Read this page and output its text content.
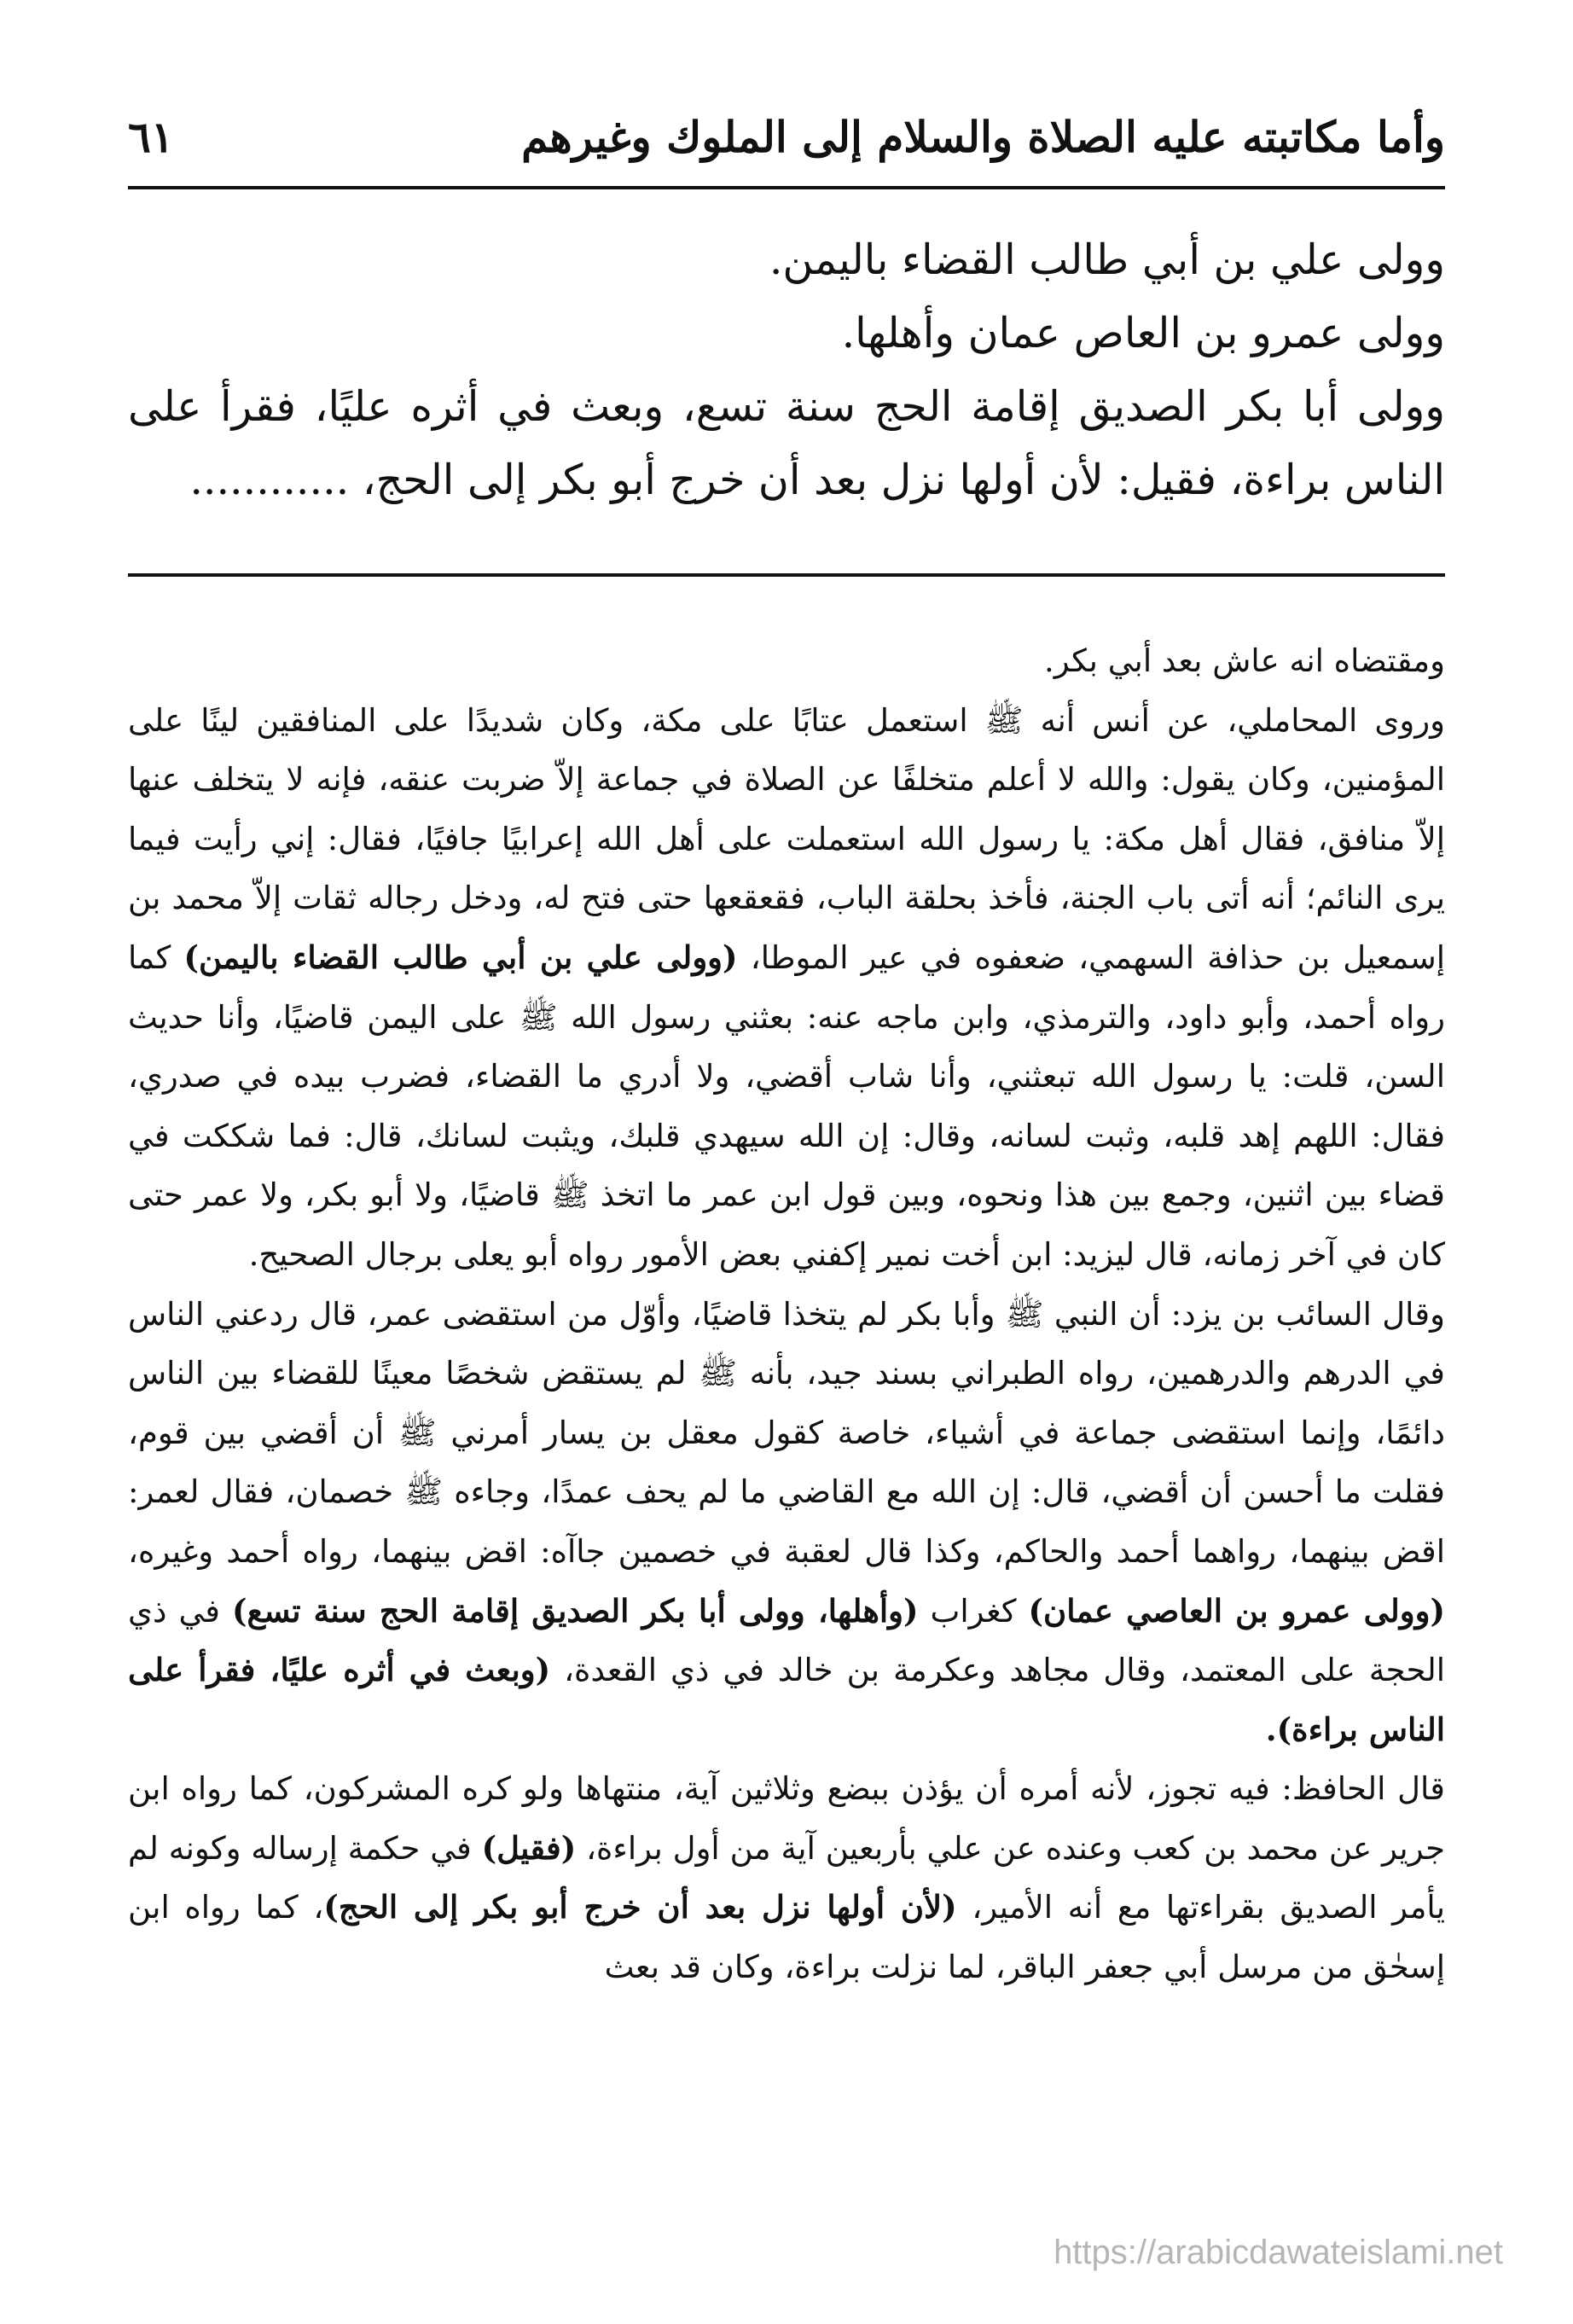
وأما مكاتبته عليه الصلاة والسلام إلى الملوك وغيرهم
٦١

وولى علي بن أبي طالب القضاء باليمن.

وولى عمرو بن العاص عمان وأهلها.

وولى أبا بكر الصديق إقامة الحج سنة تسع، وبعث في أثره عليًا، فقرأ على الناس براءة، فقيل: لأن أولها نزل بعد أن خرج أبو بكر إلى الحج، ............

ومقتضاه انه عاش بعد أبي بكر.

وروى المحاملي، عن أنس أنه ﷺ استعمل عتابًا على مكة، وكان شديدًا على المنافقين لينًا على المؤمنين، وكان يقول: والله لا أعلم متخلفًا عن الصلاة في جماعة إلاّ ضربت عنقه، فإنه لا يتخلف عنها إلاّ منافق، فقال أهل مكة: يا رسول الله استعملت على أهل الله إعرابيًا جافيًا، فقال: إني رأيت فيما يرى النائم؛ أنه أتى باب الجنة، فأخذ بحلقة الباب، فقعقعها حتى فتح له، ودخل رجاله ثقات إلاّ محمد بن إسمعيل بن حذافة السهمي، ضعفوه في عير الموطا، (وولى علي بن أبي طالب القضاء باليمن) كما رواه أحمد، وأبو داود، والترمذي، وابن ماجه عنه: بعثني رسول الله ﷺ على اليمن قاضيًا، وأنا حديث السن، قلت: يا رسول الله تبعثني، وأنا شاب أقضي، ولا أدري ما القضاء، فضرب بيده في صدري، فقال: اللهم إهد قلبه، وثبت لسانه، وقال: إن الله سيهدي قلبك، ويثبت لسانك، قال: فما شككت في قضاء بين اثنين، وجمع بين هذا ونحوه، وبين قول ابن عمر ما اتخذ ﷺ قاضيًا، ولا أبو بكر، ولا عمر حتى كان في آخر زمانه، قال ليزيد: ابن أخت نمير إكفني بعض الأمور رواه أبو يعلى برجال الصحيح.

وقال السائب بن يزد: أن النبي ﷺ وأبا بكر لم يتخذا قاضيًا، وأوّل من استقضى عمر، قال ردعني الناس في الدرهم والدرهمين، رواه الطبراني بسند جيد، بأنه ﷺ لم يستقض شخصًا معينًا للقضاء بين الناس دائمًا، وإنما استقضى جماعة في أشياء، خاصة كقول معقل بن يسار أمرني ﷺ أن أقضي بين قوم، فقلت ما أحسن أن أقضي، قال: إن الله مع القاضي ما لم يحف عمدًا، وجاءه ﷺ خصمان، فقال لعمر: اقض بينهما، رواهما أحمد والحاكم، وكذا قال لعقبة في خصمين جاآه: اقض بينهما، رواه أحمد وغيره، (وولى عمرو بن العاصي عمان) كغراب (وأهلها، وولى أبا بكر الصديق إقامة الحج سنة تسع) في ذي الحجة على المعتمد، وقال مجاهد وعكرمة بن خالد في ذي القعدة، (وبعث في أثره عليًا، فقرأ على الناس براءة).

قال الحافظ: فيه تجوز، لأنه أمره أن يؤذن ببضع وثلاثين آية، منتهاها ولو كره المشركون، كما رواه ابن جرير عن محمد بن كعب وعنده عن علي بأربعين آية من أول براءة، (فقيل) في حكمة إرساله وكونه لم يأمر الصديق بقراءتها مع أنه الأمير، (لأن أولها نزل بعد أن خرج أبو بكر إلى الحج)، كما رواه ابن إسحٰق من مرسل أبي جعفر الباقر، لما نزلت براءة، وكان قد بعث

https://arabicdawateislami.net
